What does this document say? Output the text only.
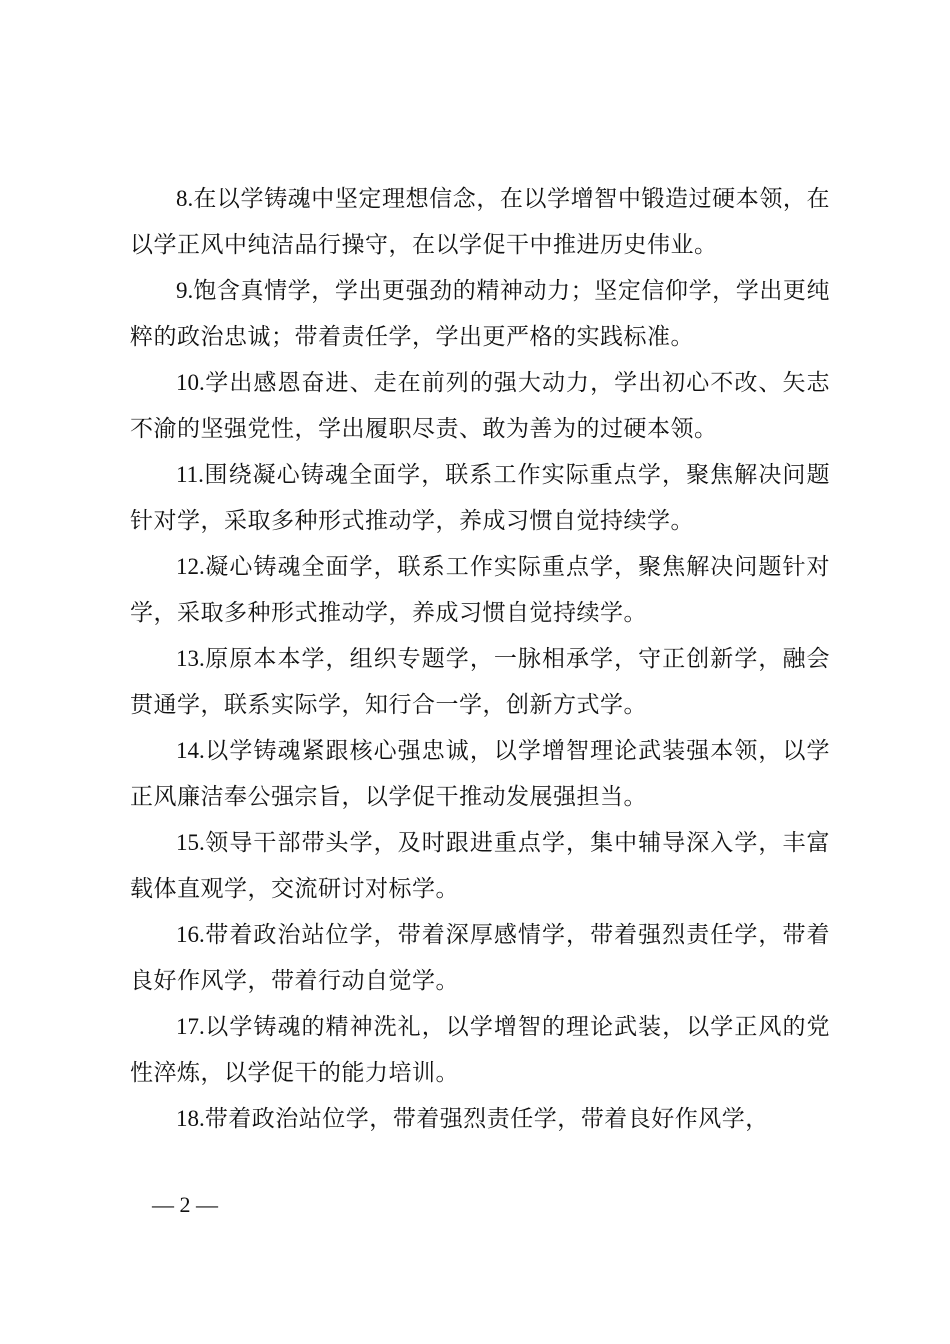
8.在以学铸魂中坚定理想信念，在以学增智中锻造过硬本领，在以学正风中纯洁品行操守，在以学促干中推进历史伟业。

9.饱含真情学，学出更强劲的精神动力；坚定信仰学，学出更纯粹的政治忠诚；带着责任学，学出更严格的实践标准。

10.学出感恩奋进、走在前列的强大动力，学出初心不改、矢志不渝的坚强党性，学出履职尽责、敢为善为的过硬本领。

11.围绕凝心铸魂全面学，联系工作实际重点学，聚焦解决问题针对学，采取多种形式推动学，养成习惯自觉持续学。

12.凝心铸魂全面学，联系工作实际重点学，聚焦解决问题针对学，采取多种形式推动学，养成习惯自觉持续学。

13.原原本本学，组织专题学，一脉相承学，守正创新学，融会贯通学，联系实际学，知行合一学，创新方式学。

14.以学铸魂紧跟核心强忠诚，以学增智理论武装强本领，以学正风廉洁奉公强宗旨，以学促干推动发展强担当。

15.领导干部带头学，及时跟进重点学，集中辅导深入学，丰富载体直观学，交流研讨对标学。

16.带着政治站位学，带着深厚感情学，带着强烈责任学，带着良好作风学，带着行动自觉学。

17.以学铸魂的精神洗礼，以学增智的理论武装，以学正风的党性淬炼，以学促干的能力培训。

18.带着政治站位学，带着强烈责任学，带着良好作风学，

— 2 —
